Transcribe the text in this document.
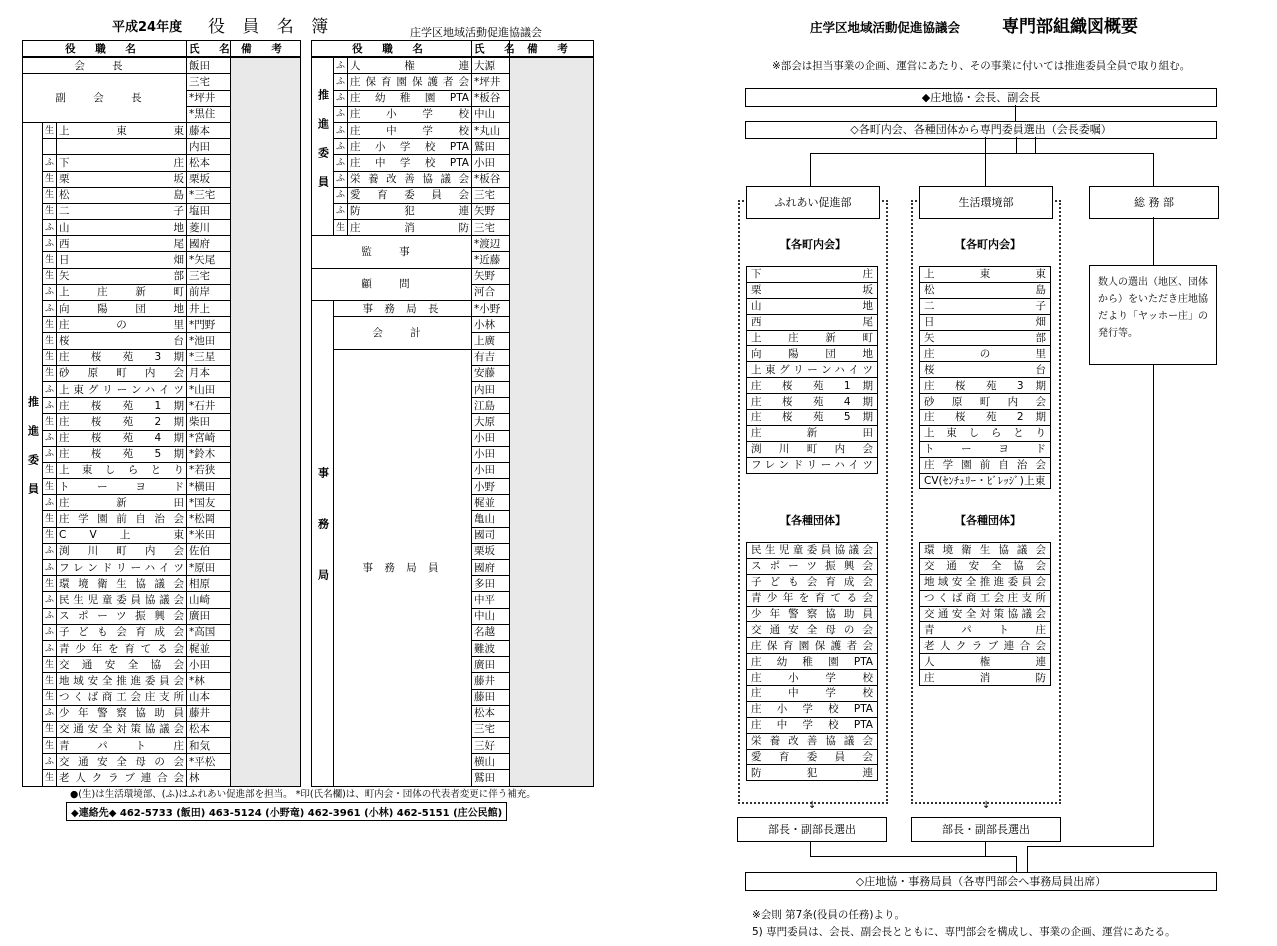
平成24年度 役 員 名 簿	庄学区地域活動促進協議会
役 職 名			氏 名	備 考
会 長			飯田	
副 会 長			三宅	
			*坪井	
			*黒住	
推進委員	生	上 東 東	藤本	
			内田	
	ふ	下 庄	松本	
	生	栗 坂	栗坂	
	生	松 島	*三宅	
	生	二 子	塩田	
	ふ	山 地	菱川	
	ふ	西 尾	國府	
	生	日 畑	*矢尾	
	生	矢 部	三宅	
	ふ	上 庄 新 町	前岸	
	ふ	向 陽 団 地	井上	
	生	庄 の 里	*門野	
	生	桜 台	*池田	
	生	庄 桜 苑 3 期	*三星	
	生	砂 原 町 内 会	月本	
	ふ	上東グリーンハイツ	*山田	
	ふ	庄 桜 苑 1 期	*石井	
	生	庄 桜 苑 2 期	柴田	
	ふ	庄 桜 苑 4 期	*宮崎	
	ふ	庄 桜 苑 5 期	*鈴木	
	生	上 東 し ら と り	*若狭	
	生	ト ー ヨ ド	*横田	
	ふ	庄 新 田	*国友	
	生	庄学園前自治会	*松岡	
	生	C V 上 東	*米田	
	ふ	渕 川 町 内 会	佐伯	
	ふ	フレンドリーハイツ	*原田	
	生	環境衛生協議会	相原	
	ふ	民生児童委員協議会	山崎	
	ふ	スポーツ振興会	廣田	
	ふ	子ども会育成会	*高国	
	ふ	青少年を育てる会	梶並	
	生	交 通 安 全 協 会	小田	
	生	地域安全推進委員会	*林	
	生	つくば商工会庄支所	山本	
	ふ	少 年 警 察 協 助 員	藤井	
	生	交通安全対策協議会	松本	
	生	青 パ ト 庄	和気	
	ふ	交 通 安 全 母 の 会	*平松	
	生	老人クラブ連合会	林	
役 職 名			氏 名	備 考
推進委員	ふ	人 権 連	大源	
	ふ	庄保育園保護者会	*坪井	
	ふ	庄幼稚園PTA	*板谷	
	ふ	庄 小 学 校	中山	
	ふ	庄 中 学 校	*丸山	
	ふ	庄小学校PTA	鷲田	
	ふ	庄中学校PTA	小田	
	ふ	栄養改善協議会	*板谷	
	ふ	愛 育 委 員 会	三宅	
	ふ	防 犯 連	矢野	
	生	庄 消 防	三宅	
監 事			*渡辺	
			*近藤	
顧 問			矢野	
			河合	
事務局	事 務 局 長		*小野	
	会 計		小林	
			上廣	
	事 務 局 員		有吉	
			安藤	
			内田	
			江島	
			大原	
			小田	
			小田	
			小田	
			小野	
			梶並	
			亀山	
			國司	
			栗坂	
			國府	
			多田	
			中平	
			中山	
			名越	
			難波	
			廣田	
			藤井	
			藤田	
			松本	
			三宅	
			三好	
			横山	
			鷲田	
●(生)は生活環境部、(ふ)はふれあい促進部を担当。 *印(氏名欄)は、町内会・団体の代表者変更に伴う補充。
◆連絡先◆ 462-5733 (飯田) 463-5124 (小野竜) 462-3961 (小林) 462-5151 (庄公民館)
庄学区地域活動促進協議会 専門部組織図概要
※部会は担当事業の企画、運営にあたり、その事業に付いては推進委員全員で取り組む。
◆庄地協・会長、副会長
◇各町内会、各種団体から専門委員選出（会長委嘱）
ふれあい促進部	生活環境部	総 務 部
【各町内会】	【各町内会】
【各種団体】	【各種団体】
下 庄
栗 坂
山 地
西 尾
上 庄 新 町
向 陽 団 地
上東グリーンハイツ
庄 桜 苑 1 期
庄 桜 苑 4 期
庄 桜 苑 5 期
庄 新 田
渕 川 町 内 会
フレンドリーハイツ
民生児童委員協議会
スポーツ振興会
子ども会育成会
青少年を育てる会
少年警察協助員
交通安全母の会
庄保育園保護者会
庄幼稚園PTA
庄 小 学 校
庄 中 学 校
庄小学校PTA
庄中学校PTA
栄養改善協議会
愛 育 委 員 会
防 犯 連
上 東 東
松 島
二 子
日 畑
矢 部
庄 の 里
桜 台
庄 桜 苑 3 期
砂 原 町 内 会
庄 桜 苑 2 期
上 東 し ら と り
ト ー ヨ ド
庄学園前自治会
CV(ｾﾝﾁｭﾘｰ・ﾋﾞﾚｯｼﾞ)上東
環境衛生協議会
交 通 安 全 協 会
地域安全推進委員会
つくば商工会庄支所
交通安全対策協議会
青 パ ト 庄
老人クラブ連合会
人 権 連
庄 消 防
数人の選出（地区、団体から）をいただき庄地協だより「ヤッホー庄」の発行等。
↓	↓
部長・副部長選出	部長・副部長選出
◇庄地協・事務局員（各専門部会へ事務局員出席）
※会則 第7条(役員の任務)より。
5) 専門委員は、会長、副会長とともに、専門部会を構成し、事業の企画、運営にあたる。
